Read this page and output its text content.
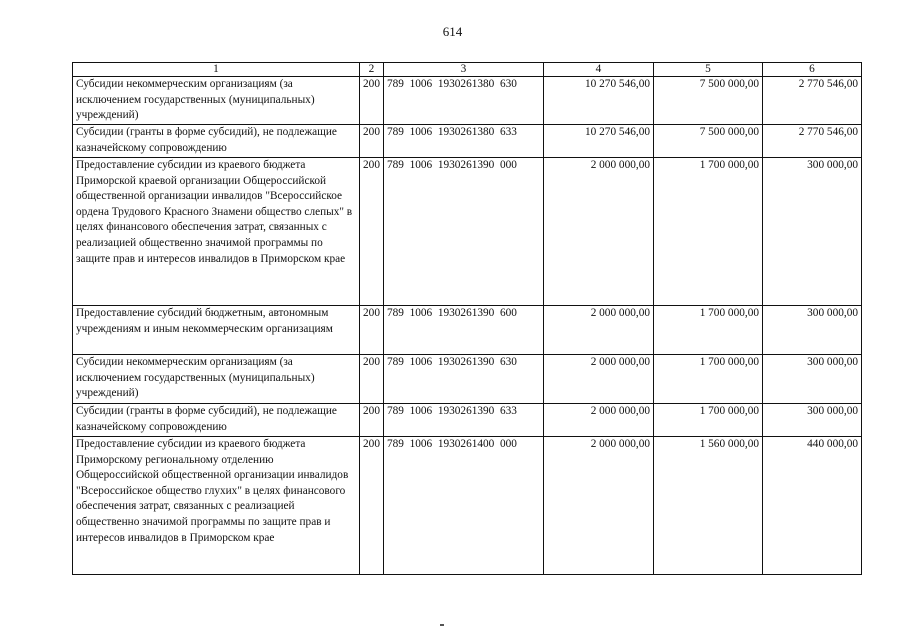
614
1	2	3	4	5	6
Субсидии некоммерческим организациям (за исключением государственных (муниципальных) учреждений)	200	789  1006  1930261380  630	10 270 546,00	7 500 000,00	2 770 546,00
Субсидии (гранты в форме субсидий), не подлежащие казначейскому сопровождению	200	789  1006  1930261380  633	10 270 546,00	7 500 000,00	2 770 546,00
Предоставление субсидии из краевого бюджета Приморской краевой организации Общероссийской общественной организации инвалидов "Всероссийское ордена Трудового Красного Знамени общество слепых" в целях финансового обеспечения затрат, связанных с реализацией общественно значимой программы по защите прав и интересов инвалидов в Приморском крае	200	789  1006  1930261390  000	2 000 000,00	1 700 000,00	300 000,00
Предоставление субсидий бюджетным, автономным учреждениям и иным некоммерческим организациям	200	789  1006  1930261390  600	2 000 000,00	1 700 000,00	300 000,00
Субсидии некоммерческим организациям (за исключением государственных (муниципальных) учреждений)	200	789  1006  1930261390  630	2 000 000,00	1 700 000,00	300 000,00
Субсидии (гранты в форме субсидий), не подлежащие казначейскому сопровождению	200	789  1006  1930261390  633	2 000 000,00	1 700 000,00	300 000,00
Предоставление субсидии из краевого бюджета Приморскому региональному отделению Общероссийской общественной организации инвалидов "Всероссийское общество глухих" в целях финансового обеспечения затрат, связанных с реализацией общественно значимой программы по защите прав и интересов инвалидов в Приморском крае	200	789  1006  1930261400  000	2 000 000,00	1 560 000,00	440 000,00
